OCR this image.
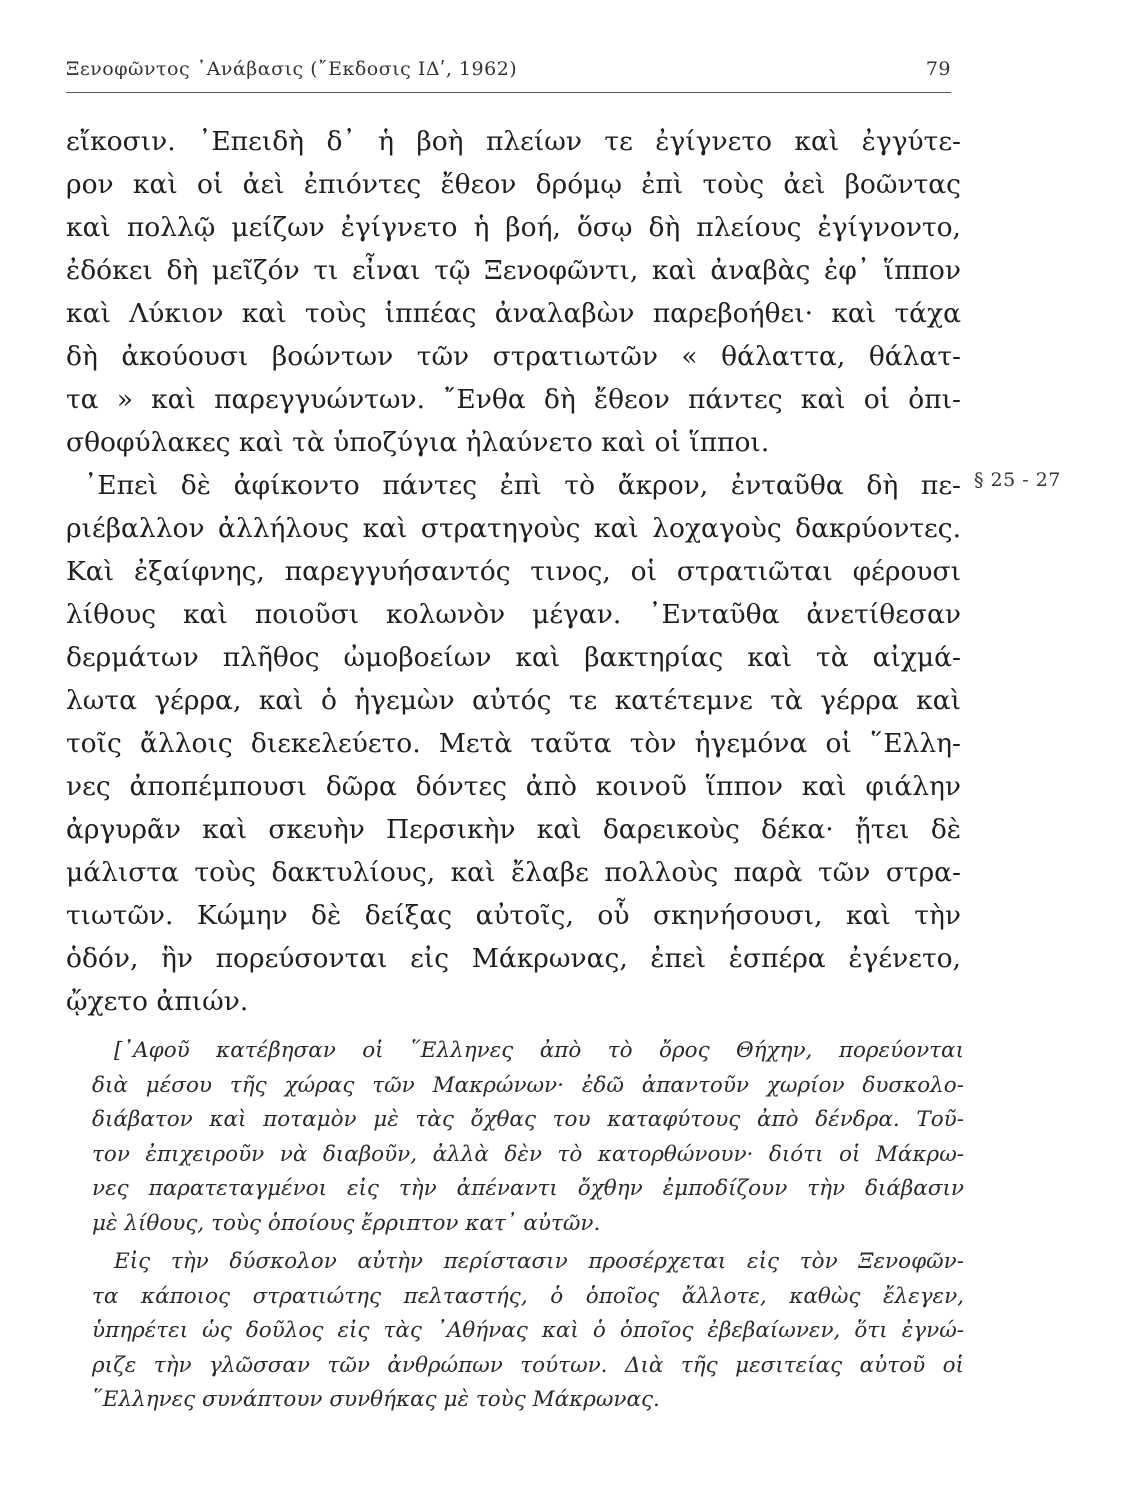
Ξενοφῶντος ᾿Ανάβασις (῎Εκδοσις ΙΔʹ, 1962)	79
εἴκοσιν. ᾿Επειδὴ δ᾿ ἡ βοὴ πλείων τε ἐγίγνετο καὶ ἐγγύτε-
ρον καὶ οἱ ἀεὶ ἐπιόντες ἔθεον δρόμῳ ἐπὶ τοὺς ἀεὶ βοῶντας
καὶ πολλῷ μείζων ἐγίγνετο ἡ βοή, ὅσῳ δὴ πλείους ἐγίγνοντο,
ἐδόκει δὴ μεῖζόν τι εἶναι τῷ Ξενοφῶντι, καὶ ἀναβὰς ἐφ᾿ ἵππον
καὶ Λύκιον καὶ τοὺς ἱππέας ἀναλαβὼν παρεβοήθει· καὶ τάχα
δὴ ἀκούουσι βοώντων τῶν στρατιωτῶν « θάλαττα, θάλατ-
τα » καὶ παρεγγυώντων. ῎Ενθα δὴ ἔθεον πάντες καὶ οἱ ὀπι-
σθοφύλακες καὶ τὰ ὑποζύγια ἠλαύνετο καὶ οἱ ἵπποι.
᾿Επεὶ δὲ ἀφίκοντο πάντες ἐπὶ τὸ ἄκρον, ἐνταῦθα δὴ πε-
ριέβαλλον ἀλλήλους καὶ στρατηγοὺς καὶ λοχαγοὺς δακρύοντες.
Καὶ ἐξαίφνης, παρεγγυήσαντός τινος, οἱ στρατιῶται φέρουσι
λίθους καὶ ποιοῦσι κολωνὸν μέγαν. ᾿Ενταῦθα ἀνετίθεσαν
δερμάτων πλῆθος ὠμοβοείων καὶ βακτηρίας καὶ τὰ αἰχμά-
λωτα γέρρα, καὶ ὁ ἡγεμὼν αὐτός τε κατέτεμνε τὰ γέρρα καὶ
τοῖς ἄλλοις διεκελεύετο. Μετὰ ταῦτα τὸν ἡγεμόνα οἱ ῞Ελλη-
νες ἀποπέμπουσι δῶρα δόντες ἀπὸ κοινοῦ ἵππον καὶ φιάλην
ἀργυρᾶν καὶ σκευὴν Περσικὴν καὶ δαρεικοὺς δέκα· ᾔτει δὲ
μάλιστα τοὺς δακτυλίους, καὶ ἔλαβε πολλοὺς παρὰ τῶν στρα-
τιωτῶν. Κώμην δὲ δείξας αὐτοῖς, οὗ σκηνήσουσι, καὶ τὴν
ὁδόν, ἣν πορεύσονται εἰς Μάκρωνας, ἐπεὶ ἑσπέρα ἐγένετο,
ᾤχετο ἀπιών.
§ 25 - 27
[᾿Αφοῦ κατέβησαν οἱ ῞Ελληνες ἀπὸ τὸ ὄρος Θήχην, πορεύονται
διὰ μέσου τῆς χώρας τῶν Μακρώνων· ἐδῶ ἀπαντοῦν χωρίον δυσκολο-
διάβατον καὶ ποταμὸν μὲ τὰς ὄχθας του καταφύτους ἀπὸ δένδρα. Τοῦ-
τον ἐπιχειροῦν νὰ διαβοῦν, ἀλλὰ δὲν τὸ κατορθώνουν· διότι οἱ Μάκρω-
νες παρατεταγμένοι εἰς τὴν ἀπέναντι ὄχθην ἐμποδίζουν τὴν διάβασιν
μὲ λίθους, τοὺς ὁποίους ἔρριπτον κατ᾿ αὐτῶν.
Εἰς τὴν δύσκολον αὐτὴν περίστασιν προσέρχεται εἰς τὸν Ξενοφῶν-
τα κάποιος στρατιώτης πελταστής, ὁ ὁποῖος ἄλλοτε, καθὼς ἔλεγεν,
ὑπηρέτει ὡς δοῦλος εἰς τὰς ᾿Αθήνας καὶ ὁ ὁποῖος ἐβεβαίωνεν, ὅτι ἐγνώ-
ριζε τὴν γλῶσσαν τῶν ἀνθρώπων τούτων. Διὰ τῆς μεσιτείας αὐτοῦ οἱ
῞Ελληνες συνάπτουν συνθήκας μὲ τοὺς Μάκρωνας.
